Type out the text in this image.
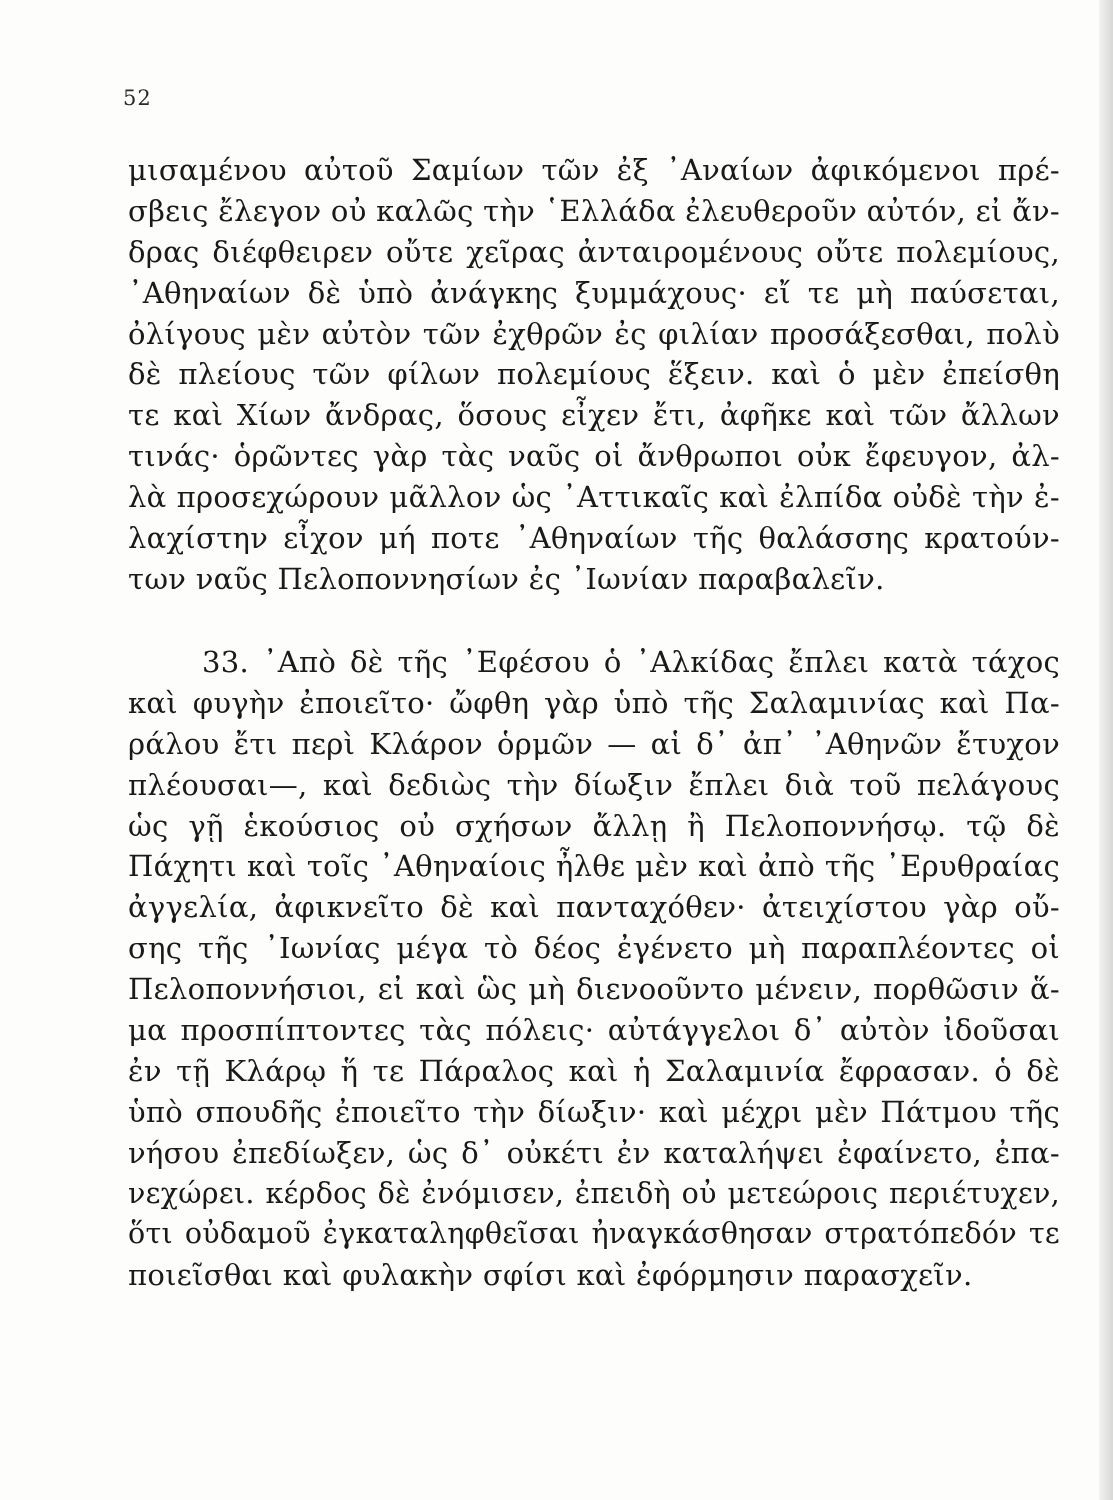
52
μισαμένου αὐτοῦ Σαμίων τῶν ἐξ ᾿Αναίων ἀφικόμενοι πρέ-
σβεις ἔλεγον οὐ καλῶς τὴν ῾Ελλάδα ἐλευθεροῦν αὐτόν, εἰ ἄν-
δρας διέφθειρεν οὔτε χεῖρας ἀνταιρομένους οὔτε πολεμίους,
᾿Αθηναίων δὲ ὑπὸ ἀνάγκης ξυμμάχους· εἴ τε μὴ παύσεται,
ὀλίγους μὲν αὐτὸν τῶν ἐχθρῶν ἐς φιλίαν προσάξεσθαι, πολὺ
δὲ πλείους τῶν φίλων πολεμίους ἕξειν. καὶ ὁ μὲν ἐπείσθη
τε καὶ Χίων ἄνδρας, ὅσους εἶχεν ἔτι, ἀφῆκε καὶ τῶν ἄλλων
τινάς· ὁρῶντες γὰρ τὰς ναῦς οἱ ἄνθρωποι οὐκ ἔφευγον, ἀλ-
λὰ προσεχώρουν μᾶλλον ὡς ᾿Αττικαῖς καὶ ἐλπίδα οὐδὲ τὴν ἐ-
λαχίστην εἶχον μή ποτε ᾿Αθηναίων τῆς θαλάσσης κρατούν-
των ναῦς Πελοποννησίων ἐς ᾿Ιωνίαν παραβαλεῖν.
33. ᾿Απὸ δὲ τῆς ᾿Εφέσου ὁ ᾿Αλκίδας ἔπλει κατὰ τάχος
καὶ φυγὴν ἐποιεῖτο· ὤφθη γὰρ ὑπὸ τῆς Σαλαμινίας καὶ Πα-
ράλου ἔτι περὶ Κλάρον ὁρμῶν — αἱ δ᾿ ἀπ᾿ ᾿Αθηνῶν ἔτυχον
πλέουσαι—, καὶ δεδιὼς τὴν δίωξιν ἔπλει διὰ τοῦ πελάγους
ὡς γῇ ἑκούσιος οὐ σχήσων ἄλλῃ ἢ Πελοποννήσῳ. τῷ δὲ
Πάχητι καὶ τοῖς ᾿Αθηναίοις ἦλθε μὲν καὶ ἀπὸ τῆς ᾿Ερυθραίας
ἀγγελία, ἀφικνεῖτο δὲ καὶ πανταχόθεν· ἀτειχίστου γὰρ οὔ-
σης τῆς ᾿Ιωνίας μέγα τὸ δέος ἐγένετο μὴ παραπλέοντες οἱ
Πελοποννήσιοι, εἰ καὶ ὣς μὴ διενοοῦντο μένειν, πορθῶσιν ἅ-
μα προσπίπτοντες τὰς πόλεις· αὐτάγγελοι δ᾿ αὐτὸν ἰδοῦσαι
ἐν τῇ Κλάρῳ ἥ τε Πάραλος καὶ ἡ Σαλαμινία ἔφρασαν. ὁ δὲ
ὑπὸ σπουδῆς ἐποιεῖτο τὴν δίωξιν· καὶ μέχρι μὲν Πάτμου τῆς
νήσου ἐπεδίωξεν, ὡς δ᾿ οὐκέτι ἐν καταλήψει ἐφαίνετο, ἐπα-
νεχώρει. κέρδος δὲ ἐνόμισεν, ἐπειδὴ οὐ μετεώροις περιέτυχεν,
ὅτι οὐδαμοῦ ἐγκαταληφθεῖσαι ἠναγκάσθησαν στρατόπεδόν τε
ποιεῖσθαι καὶ φυλακὴν σφίσι καὶ ἐφόρμησιν παρασχεῖν.
